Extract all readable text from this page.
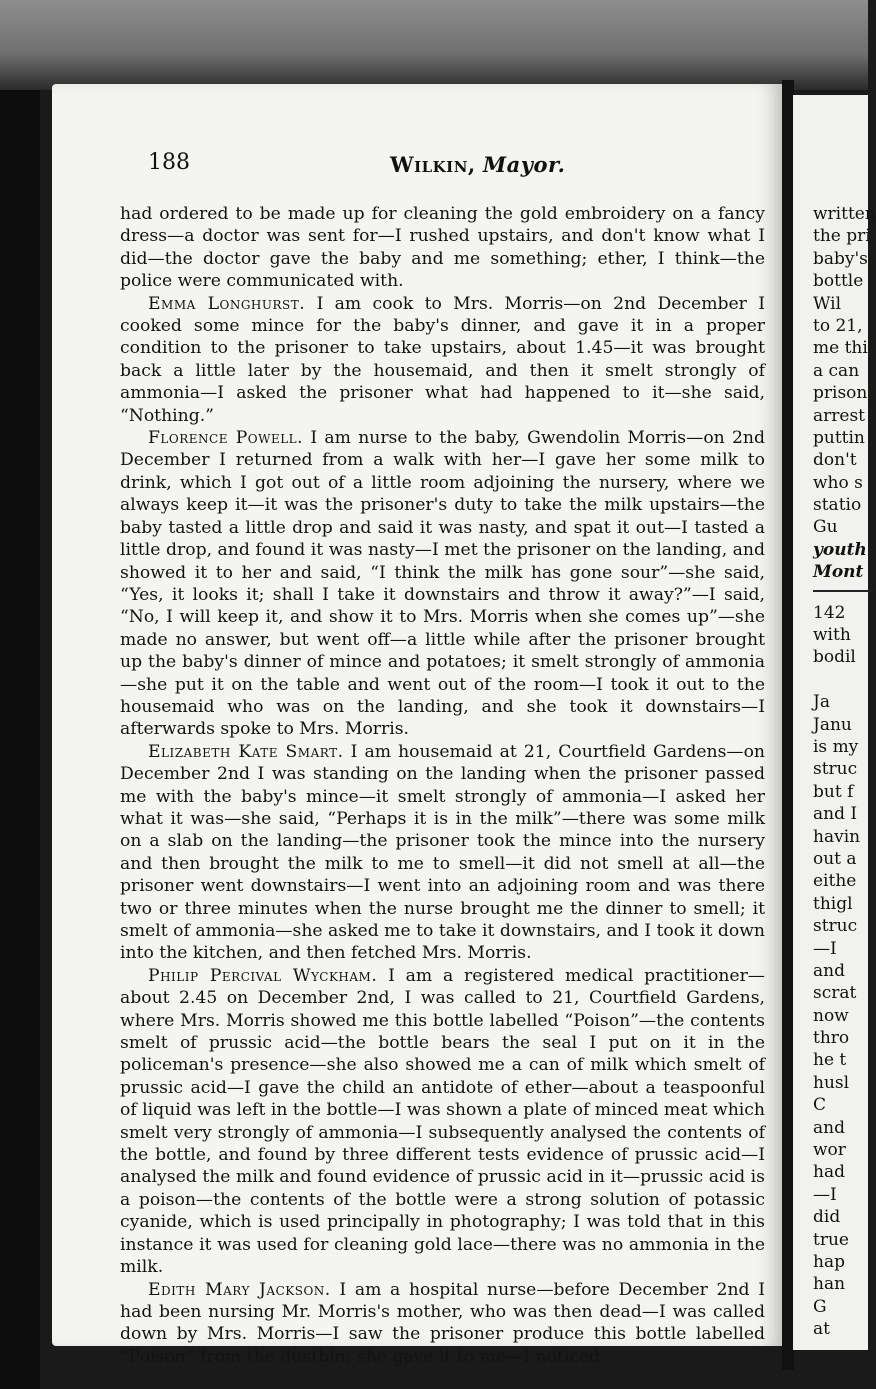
written
the pri
baby's
bottle
Wil
to 21,
me thi
a can
prison
arrest
puttin
don't
who s
statio
Gu
youth
Mont
142
with
bodil
Ja
Janu
is my
struc
but f
and I
havin
out a
eithe
thigl
struc
—I
and
scrat
now
thro
he t
husl
C
and
wor
had
—I
did
true
hap
han
G
at
188	Wilkin, Mayor.

had ordered to be made up for cleaning the gold embroidery on a fancy dress—a doctor was sent for—I rushed upstairs, and don't know what I did—the doctor gave the baby and me something; ether, I think—the police were communicated with.

Emma Longhurst. I am cook to Mrs. Morris—on 2nd December I cooked some mince for the baby's dinner, and gave it in a proper condition to the prisoner to take upstairs, about 1.45—it was brought back a little later by the housemaid, and then it smelt strongly of ammonia—I asked the prisoner what had happened to it—she said, “Nothing.”

Florence Powell. I am nurse to the baby, Gwendolin Morris—on 2nd December I returned from a walk with her—I gave her some milk to drink, which I got out of a little room adjoining the nursery, where we always keep it—it was the prisoner's duty to take the milk upstairs—the baby tasted a little drop and said it was nasty, and spat it out—I tasted a little drop, and found it was nasty—I met the prisoner on the landing, and showed it to her and said, “I think the milk has gone sour”—she said, “Yes, it looks it; shall I take it downstairs and throw it away?”—I said, “No, I will keep it, and show it to Mrs. Morris when she comes up”—she made no answer, but went off—a little while after the prisoner brought up the baby's dinner of mince and potatoes; it smelt strongly of ammonia—she put it on the table and went out of the room—I took it out to the housemaid who was on the landing, and she took it downstairs—I afterwards spoke to Mrs. Morris.

Elizabeth Kate Smart. I am housemaid at 21, Courtfield Gardens—on December 2nd I was standing on the landing when the prisoner passed me with the baby's mince—it smelt strongly of ammonia—I asked her what it was—she said, “Perhaps it is in the milk”—there was some milk on a slab on the landing—the prisoner took the mince into the nursery and then brought the milk to me to smell—it did not smell at all—the prisoner went downstairs—I went into an adjoining room and was there two or three minutes when the nurse brought me the dinner to smell; it smelt of ammonia—she asked me to take it downstairs, and I took it down into the kitchen, and then fetched Mrs. Morris.

Philip Percival Wyckham. I am a registered medical practitioner—about 2.45 on December 2nd, I was called to 21, Courtfield Gardens, where Mrs. Morris showed me this bottle labelled “Poison”—the contents smelt of prussic acid—the bottle bears the seal I put on it in the policeman's presence—she also showed me a can of milk which smelt of prussic acid—I gave the child an antidote of ether—about a teaspoonful of liquid was left in the bottle—I was shown a plate of minced meat which smelt very strongly of ammonia—I subsequently analysed the contents of the bottle, and found by three different tests evidence of prussic acid—I analysed the milk and found evidence of prussic acid in it—prussic acid is a poison—the contents of the bottle were a strong solution of potassic cyanide, which is used principally in photography; I was told that in this instance it was used for cleaning gold lace—there was no ammonia in the milk.

Edith Mary Jackson. I am a hospital nurse—before December 2nd I had been nursing Mr. Morris's mother, who was then dead—I was called down by Mrs. Morris—I saw the prisoner produce this bottle labelled “Poison” from the dustbin; she gave it to me—I noticed
